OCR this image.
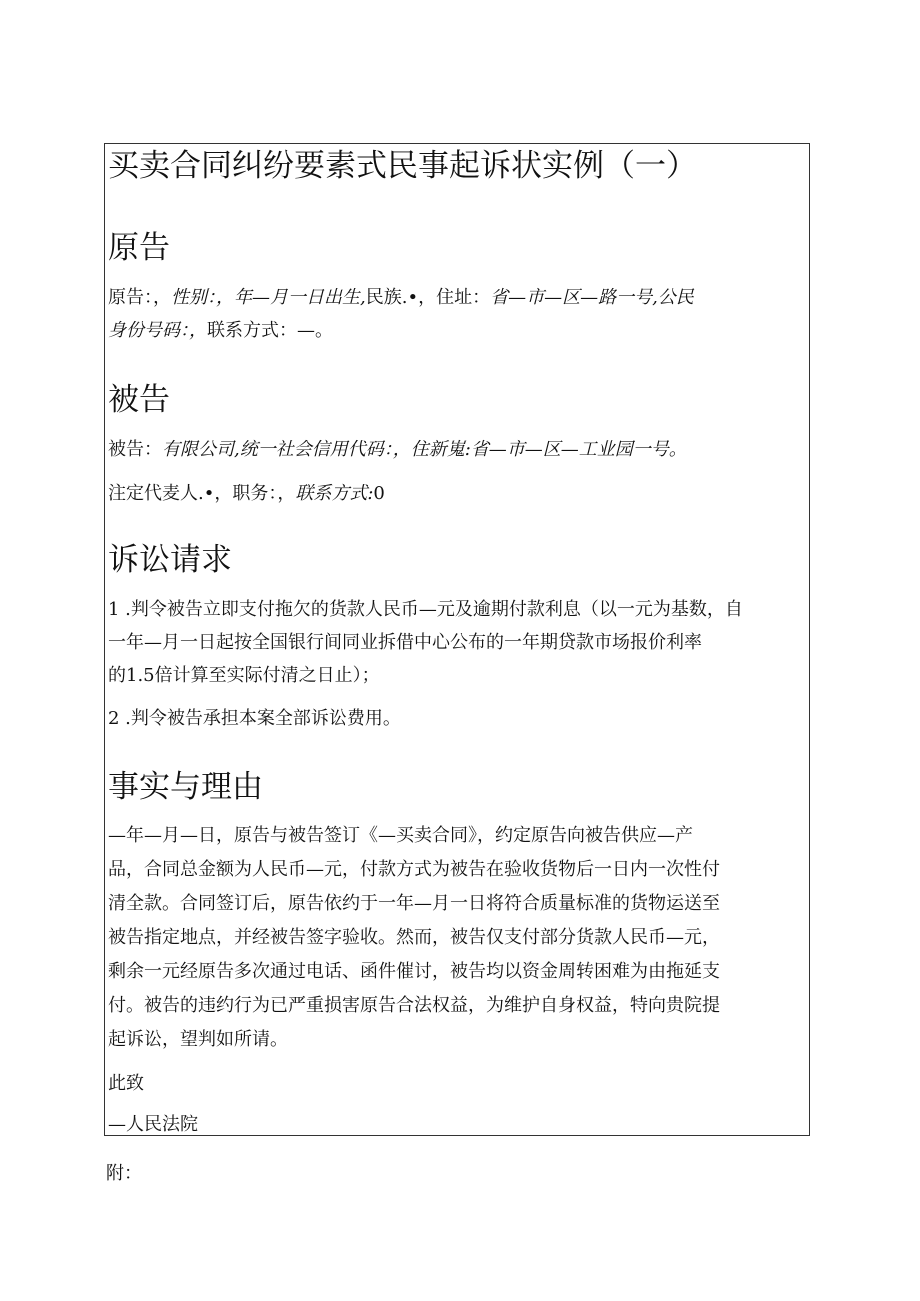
买卖合同纠纷要素式民事起诉状实例（一）
原告
原告：，性别：，年—月一日出生,民族.•，住址：省—市—区—路一号,公民
身份号码：，联系方式：—。
被告
被告：有限公司,统一社会信用代码：，住新嵬:省—市—区—工业园一号。
注定代麦人.•，职务：，联系方式:0
诉讼请求
1 .判令被告立即支付拖欠的货款人民币—元及逾期付款利息（以一元为基数，自
一年—月一日起按全国银行间同业拆借中心公布的一年期贷款市场报价利率
的1.5倍计算至实际付清之日止）；
2 .判令被告承担本案全部诉讼费用。
事实与理由
—年—月—日，原告与被告签订《—买卖合同》，约定原告向被告供应—产
品，合同总金额为人民币—元，付款方式为被告在验收货物后一日内一次性付
清全款。合同签订后，原告依约于一年—月一日将符合质量标准的货物运送至
被告指定地点，并经被告签字验收。然而，被告仅支付部分货款人民币—元，
剩余一元经原告多次通过电话、函件催讨，被告均以资金周转困难为由拖延支
付。被告的违约行为已严重损害原告合法权益，为维护自身权益，特向贵院提
起诉讼，望判如所请。
此致
—人民法院
附：
